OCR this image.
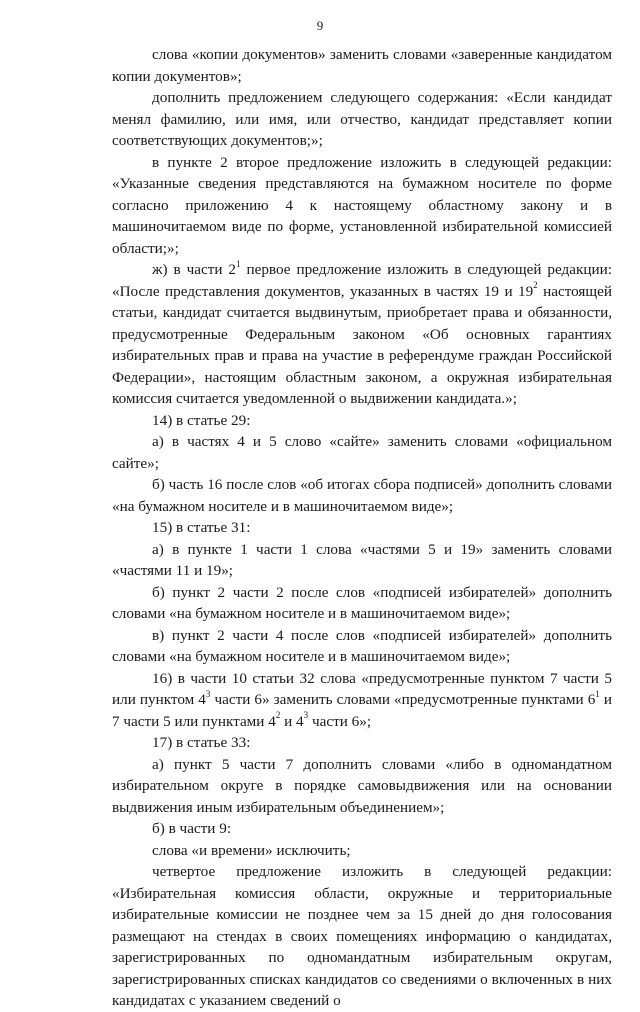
9

слова «копии документов» заменить словами «заверенные кандидатом копии документов»;

дополнить предложением следующего содержания: «Если кандидат менял фамилию, или имя, или отчество, кандидат представляет копии соответствующих документов;»;

в пункте 2 второе предложение изложить в следующей редакции: «Указанные сведения представляются на бумажном носителе по форме согласно приложению 4 к настоящему областному закону и в машиночитаемом виде по форме, установленной избирательной комиссией области;»;

ж) в части $2^1$ первое предложение изложить в следующей редакции: «После представления документов, указанных в частях 19 и $19^2$ настоящей статьи, кандидат считается выдвинутым, приобретает права и обязанности, предусмотренные Федеральным законом «Об основных гарантиях избирательных прав и права на участие в референдуме граждан Российской Федерации», настоящим областным законом, а окружная избирательная комиссия считается уведомленной о выдвижении кандидата.»;

14) в статье 29:

а) в частях 4 и 5 слово «сайте» заменить словами «официальном сайте»;

б) часть 16 после слов «об итогах сбора подписей» дополнить словами «на бумажном носителе и в машиночитаемом виде»;

15) в статье 31:

а) в пункте 1 части 1 слова «частями 5 и 19» заменить словами «частями 11 и 19»;

б) пункт 2 части 2 после слов «подписей избирателей» дополнить словами «на бумажном носителе и в машиночитаемом виде»;

в) пункт 2 части 4 после слов «подписей избирателей» дополнить словами «на бумажном носителе и в машиночитаемом виде»;

16) в части 10 статьи 32 слова «предусмотренные пунктом 7 части 5 или пунктом $4^3$ части 6» заменить словами «предусмотренные пунктами $6^1$ и 7 части 5 или пунктами $4^2$ и $4^3$ части 6»;

17) в статье 33:

а) пункт 5 части 7 дополнить словами «либо в одномандатном избирательном округе в порядке самовыдвижения или на основании выдвижения иным избирательным объединением»;

б) в части 9:

слова «и времени» исключить;

четвертое предложение изложить в следующей редакции: «Избирательная комиссия области, окружные и территориальные избирательные комиссии не позднее чем за 15 дней до дня голосования размещают на стендах в своих помещениях информацию о кандидатах, зарегистрированных по одномандатным избирательным округам, зарегистрированных списках кандидатов со сведениями о включенных в них кандидатах с указанием сведений о
